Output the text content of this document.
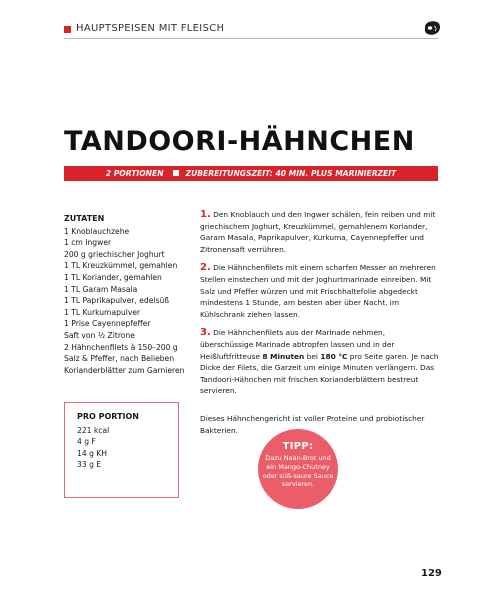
HAUPTSPEISEN MIT FLEISCH
TANDOORI-HÄHNCHEN
2 PORTIONEN	ZUBEREITUNGSZEIT: 40 MIN. PLUS MARINIERZEIT
ZUTATEN
1 Knoblauchzehe
1 cm Ingwer
200 g griechischer Joghurt
1 TL Kreuzkümmel, gemahlen
1 TL Koriander, gemahlen
1 TL Garam Masala
1 TL Paprikapulver, edelsüß
1 TL Kurkumapulver
1 Prise Cayennepfeffer
Saft von ½ Zitrone
2 Hähnchenfilets à 150–200 g
Salz & Pfeffer, nach Belieben
Korianderblätter zum Garnieren
1. Den Knoblauch und den Ingwer schälen, fein reiben und mit griechischem Joghurt, Kreuzkümmel, gemahlenem Koriander, Garam Masala, Paprikapulver, Kurkuma, Cayennepfeffer und Zitronensaft verrühren.
2. Die Hähnchenfilets mit einem scharfen Messer an mehreren Stellen einstechen und mit der Joghurtmarinade einreiben. Mit Salz und Pfeffer würzen und mit Frischhaltefolie abgedeckt mindestens 1 Stunde, am besten aber über Nacht, im Kühlschrank ziehen lassen.
3. Die Hähnchenfilets aus der Marinade nehmen, überschüssige Marinade abtropfen lassen und in der Heißluftfritteuse 8 Minuten bei 180 °C pro Seite garen. Je nach Dicke der Filets, die Garzeit um einige Minuten verlängern. Das Tandoori-Hähnchen mit frischen Korianderblättern bestreut servieren.
Dieses Hähnchengericht ist voller Proteine und probiotischer Bakterien.
PRO PORTION
221 kcal
4 g F
14 g KH
33 g E
TIPP:
Dazu Naan-Brot und ein Mango-Chutney oder süß-saure Sauce servieren.
129
